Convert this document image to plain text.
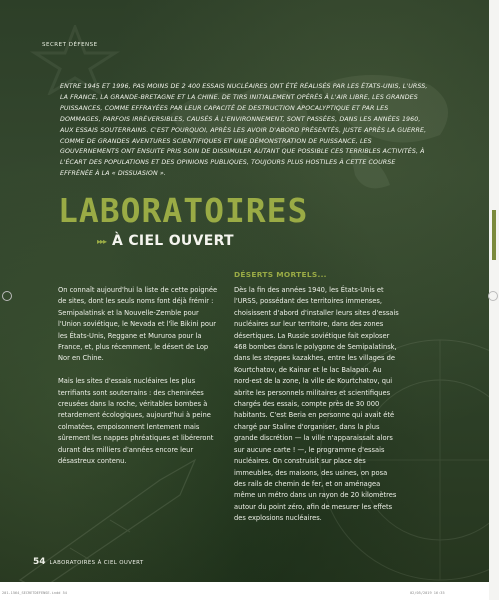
SECRET DÉFENSE
ENTRE 1945 ET 1996, PAS MOINS DE 2 400 ESSAIS NUCLÉAIRES ONT ÉTÉ RÉALISÉS PAR LES ÉTATS-UNIS, L'URSS, LA FRANCE, LA GRANDE-BRETAGNE ET LA CHINE. DE TIRS INITIALEMENT OPÉRÉS À L'AIR LIBRE, LES GRANDES PUISSANCES, COMME EFFRAYÉES PAR LEUR CAPACITÉ DE DESTRUCTION APOCALYPTIQUE ET PAR LES DOMMAGES, PARFOIS IRRÉVERSIBLES, CAUSÉS À L'ENVIRONNEMENT, SONT PASSÉES, DANS LES ANNÉES 1960, AUX ESSAIS SOUTERRAINS. C'EST POURQUOI, APRÈS LES AVOIR D'ABORD PRÉSENTÉS, JUSTE APRÈS LA GUERRE, COMME DE GRANDES AVENTURES SCIENTIFIQUES ET UNE DÉMONSTRATION DE PUISSANCE, LES GOUVERNEMENTS ONT ENSUITE PRIS SOIN DE DISSIMULER AUTANT QUE POSSIBLE CES TERRIBLES ACTIVITÉS, À L'ÉCART DES POPULATIONS ET DES OPINIONS PUBLIQUES, TOUJOURS PLUS HOSTILES À CETTE COURSE EFFRÉNÉE À LA « DISSUASION ».
LABORATOIRES
▸▸▸ À CIEL OUVERT
DÉSERTS MORTELS...

On connaît aujourd'hui la liste de cette poignée de sites, dont les seuls noms font déjà frémir : Semipalatinsk et la Nouvelle-Zemble pour l'Union soviétique, le Nevada et l'île Bikini pour les États-Unis, Reggane et Mururoa pour la France, et, plus récemment, le désert de Lop Nor en Chine.

Mais les sites d'essais nucléaires les plus terrifiants sont souterrains : des cheminées creusées dans la roche, véritables bombes à retardement écologiques, aujourd'hui à peine colmatées, empoisonnent lentement mais sûrement les nappes phréatiques et libéreront durant des milliers d'années encore leur désastreux contenu.

Dès la fin des années 1940, les États-Unis et l'URSS, possédant des territoires immenses, choisissent d'abord d'installer leurs sites d'essais nucléaires sur leur territoire, dans des zones désertiques. La Russie soviétique fait exploser 468 bombes dans le polygone de Semipalatinsk, dans les steppes kazakhes, entre les villages de Kourtchatov, de Kainar et le lac Balapan. Au nord-est de la zone, la ville de Kourtchatov, qui abrite les personnels militaires et scientifiques chargés des essais, compte près de 30 000 habitants. C'est Beria en personne qui avait été chargé par Staline d'organiser, dans la plus grande discrétion — la ville n'apparaissait alors sur aucune carte ! —, le programme d'essais nucléaires. On construisit sur place des immeubles, des maisons, des usines, on posa des rails de chemin de fer, et on aménagea même un métro dans un rayon de 20 kilomètres autour du point zéro, afin de mesurer les effets des explosions nucléaires.

54 LABORATOIRES À CIEL OUVERT
201-1564_SECRETDEFENSE.indd 54	02/05/2019 16:35
